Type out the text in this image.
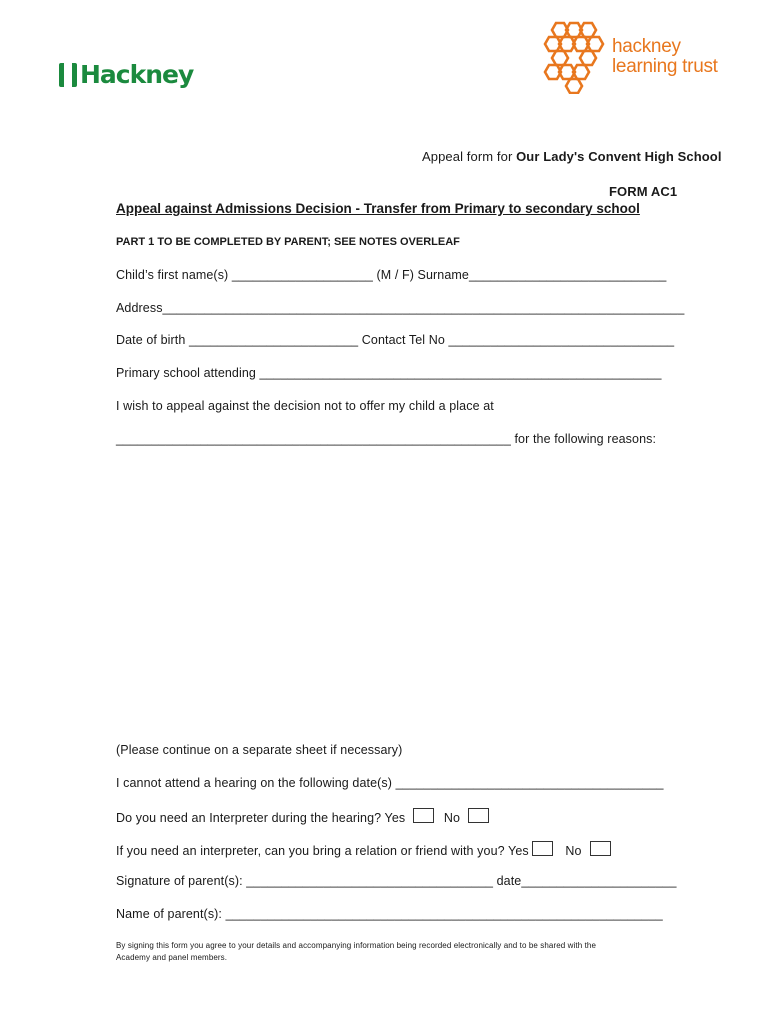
Hackney
hackney
learning trust
Appeal form for Our Lady's Convent High School
FORM AC1
Appeal against Admissions Decision - Transfer from Primary to secondary school
PART 1 TO BE COMPLETED BY PARENT; SEE NOTES OVERLEAF
Child’s first name(s) ____________________ (M / F) Surname____________________________
Address__________________________________________________________________________
Date of birth ________________________ Contact Tel No ________________________________
Primary school attending _________________________________________________________
I wish to appeal against the decision not to offer my child a place at
________________________________________________________ for the following reasons:
(Please continue on a separate sheet if necessary)
I cannot attend a hearing on the following date(s) ______________________________________
Do you need an Interpreter during the hearing? Yes	No
If you need an interpreter, can you bring a relation or friend with you? Yes	No
Signature of parent(s): ___________________________________ date______________________
Name of parent(s): ______________________________________________________________
By signing this form you agree to your details and accompanying information being recorded electronically and to be shared with the
Academy and panel members.
